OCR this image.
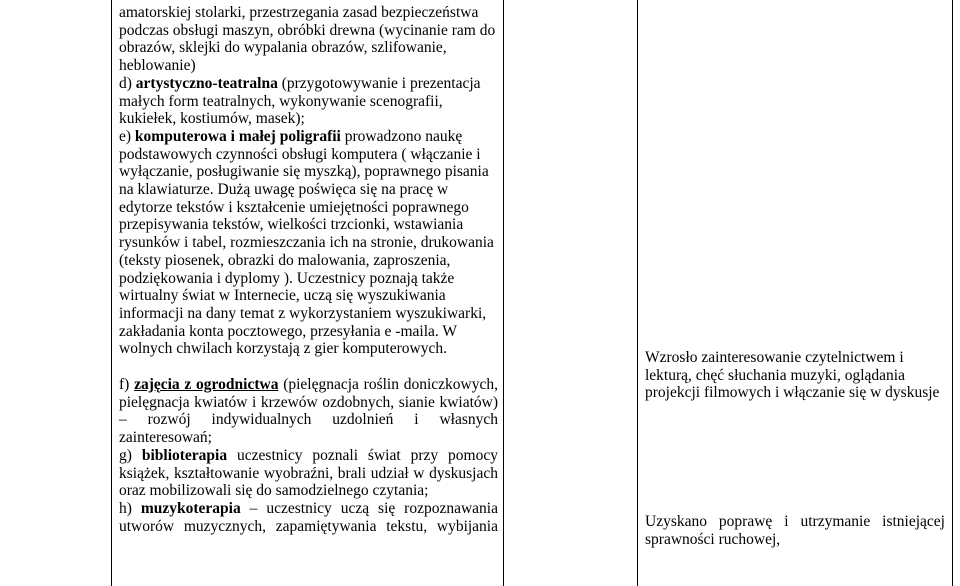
amatorskiej stolarki, przestrzegania zasad bezpieczeństwa podczas obsługi maszyn, obróbki drewna (wycinanie ram do obrazów, sklejki do wypalania obrazów, szlifowanie, heblowanie)
d) artystyczno-teatralna (przygotowywanie i prezentacja małych form teatralnych, wykonywanie scenografii, kukiełek, kostiumów, masek);
e) komputerowa i małej poligrafii prowadzono naukę podstawowych czynności obsługi komputera ( włączanie i wyłączanie, posługiwanie się myszką), poprawnego pisania na klawiaturze. Dużą uwagę poświęca się na pracę w edytorze tekstów i kształcenie umiejętności poprawnego przepisywania tekstów, wielkości trzcionki, wstawiania rysunków i tabel, rozmieszczania ich na stronie, drukowania (teksty piosenek, obrazki do malowania, zaproszenia, podziękowania i dyplomy ). Uczestnicy poznają także wirtualny świat w Internecie, uczą się wyszukiwania informacji na dany temat z wykorzystaniem wyszukiwarki, zakładania konta pocztowego, przesyłania e -maila. W wolnych chwilach korzystają z gier komputerowych.

f) zajęcia z ogrodnictwa (pielęgnacja roślin doniczkowych, pielęgnacja kwiatów i krzewów ozdobnych, sianie kwiatów) – rozwój indywidualnych uzdolnień i własnych zainteresowań;
g) biblioterapia uczestnicy poznali świat przy pomocy książek, kształtowanie wyobraźni, brali udział w dyskusjach oraz mobilizowali się do samodzielnego czytania;

h) muzykoterapia – uczestnicy uczą się rozpoznawania
utworów muzycznych, zapamiętywania tekstu, wybijania

Wzrosło zainteresowanie czytelnictwem i lekturą, chęć słuchania muzyki, oglądania projekcji filmowych i włączanie się w dyskusje

Uzyskano poprawę i utrzymanie istniejącej sprawności ruchowej,
